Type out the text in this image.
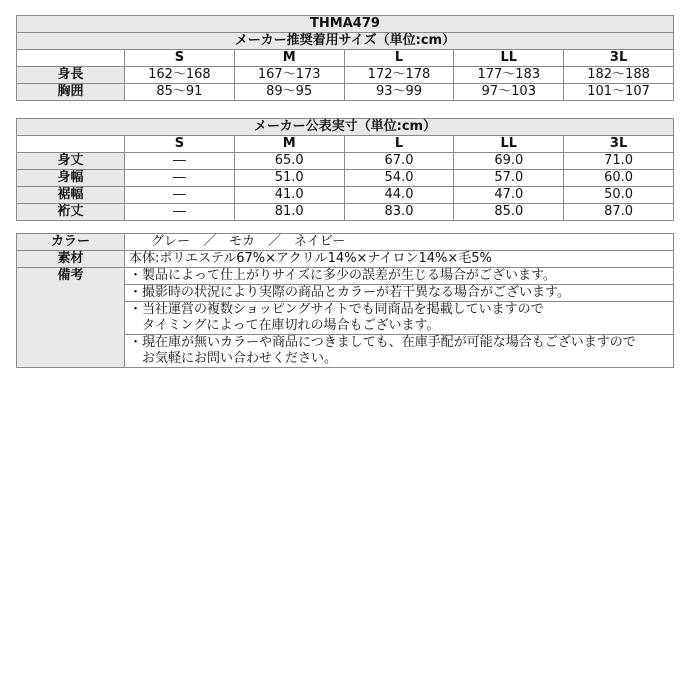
THMA479					
メーカー推奨着用サイズ（単位:cm）					
	S	M	L	LL	3L
身長	162～168	167～173	172～178	177～183	182～188
胸囲	85～91	89～95	93～99	97～103	101～107
メーカー公表実寸（単位:cm）					
	S	M	L	LL	3L
身丈	―	65.0	67.0	69.0	71.0
身幅	―	51.0	54.0	57.0	60.0
裾幅	―	41.0	44.0	47.0	50.0
裄丈	―	81.0	83.0	85.0	87.0
カラー	グレー　／　モカ　／　ネイビー
素材	本体:ポリエステル67%×アクリル14%×ナイロン14%×毛5%
備考	・製品によって仕上がりサイズに多少の誤差が生じる場合がございます。
	・撮影時の状況により実際の商品とカラーが若干異なる場合がございます。

	・当社運営の複数ショッピングサイトでも同商品を掲載していますので
　タイミングによって在庫切れの場合もございます。

	・現在庫が無いカラーや商品につきましても、在庫手配が可能な場合もございますので
　お気軽にお問い合わせください。
